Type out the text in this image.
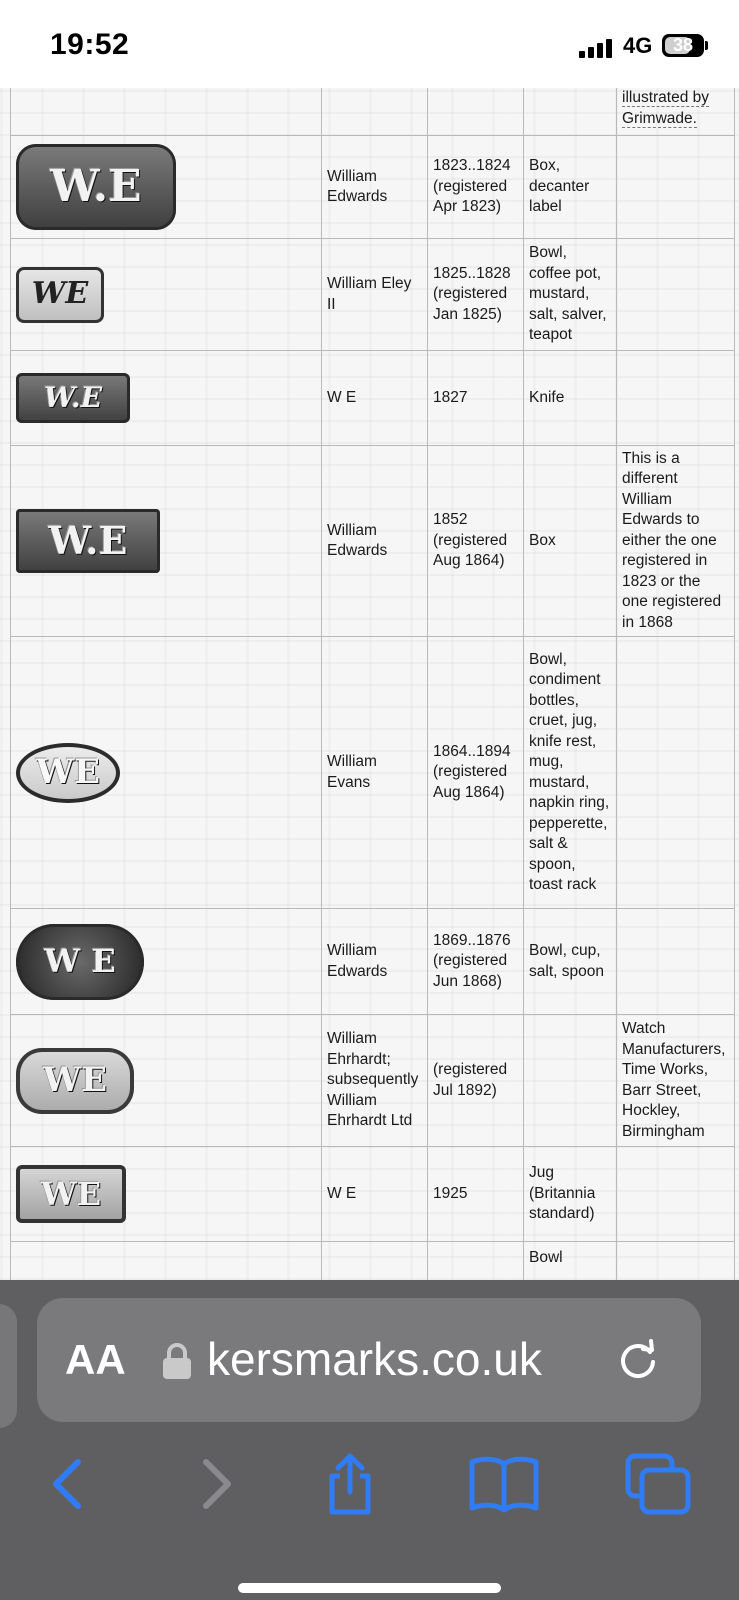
19:52	4G	38
				illustrated by Grimwade.

W.E	William Edwards	1823..1824 (registered Apr 1823)	Box, decanter label	

WE	William Eley II	1825..1828 (registered Jan 1825)	Bowl, coffee pot, mustard, salt, salver, teapot	

W.E	W E	1827	Knife	

W.E	William Edwards	1852 (registered Aug 1864)	Box	This is a different William Edwards to either the one registered in 1823 or the one registered in 1868

WE	William Evans	1864..1894 (registered Aug 1864)	Bowl, condiment bottles, cruet, jug, knife rest, mug, mustard, napkin ring, pepperette, salt & spoon, toast rack	

W E	William Edwards	1869..1876 (registered Jun 1868)	Bowl, cup, salt, spoon	

WE	William Ehrhardt; subsequently William Ehrhardt Ltd	(registered Jul 1892)		Watch Manufacturers, Time Works, Barr Street, Hockley, Birmingham

WE	W E	1925	Jug (Britannia standard)	
			Bowl	
AA kersmarks.co.uk
